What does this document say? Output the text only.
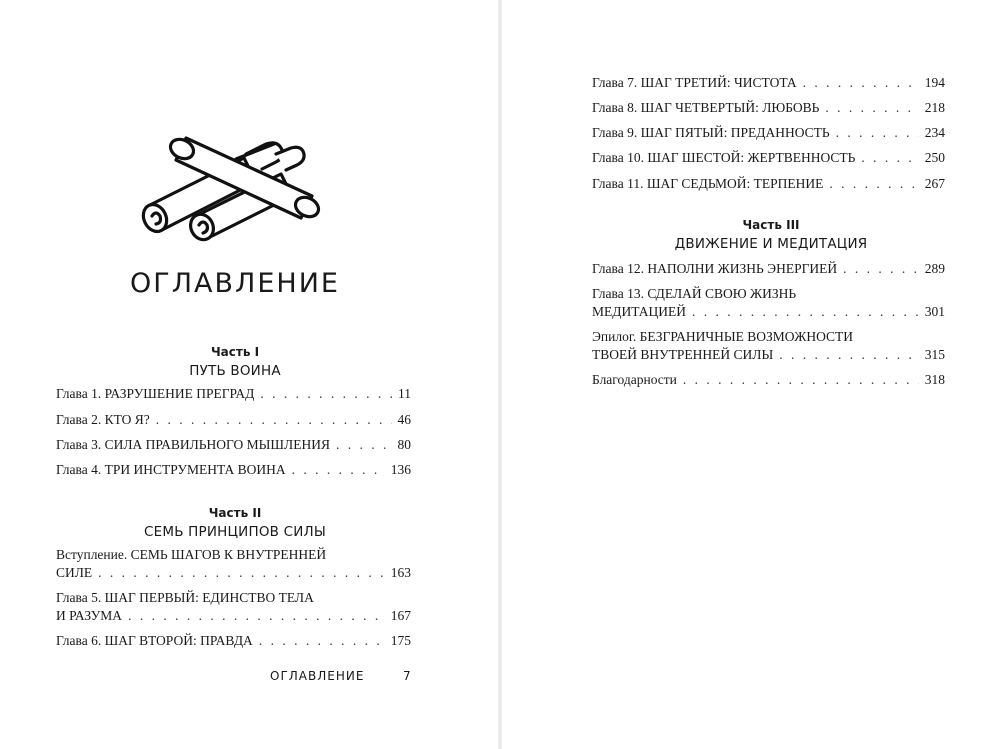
ОГЛАВЛЕНИЕ
Часть I
ПУТЬ ВОИНА
Глава 1. РАЗРУШЕНИЕ ПРЕГРАД . . .	11
Глава 2. КТО Я? . . .	46
Глава 3. СИЛА ПРАВИЛЬНОГО МЫШЛЕНИЯ . . .	80
Глава 4. ТРИ ИНСТРУМЕНТА ВОИНА . . .	136
Часть II
СЕМЬ ПРИНЦИПОВ СИЛЫ
Вступление. СЕМЬ ШАГОВ К ВНУТРЕННЕЙ
СИЛЕ . . .	163
Глава 5. ШАГ ПЕРВЫЙ: ЕДИНСТВО ТЕЛА
И РАЗУМА . . .	167
Глава 6. ШАГ ВТОРОЙ: ПРАВДА . . .	175
ОГЛАВЛЕНИЕ	7
Глава 7. ШАГ ТРЕТИЙ: ЧИСТОТА . . .	194
Глава 8. ШАГ ЧЕТВЕРТЫЙ: ЛЮБОВЬ . . .	218
Глава 9. ШАГ ПЯТЫЙ: ПРЕДАННОСТЬ . . .	234
Глава 10. ШАГ ШЕСТОЙ: ЖЕРТВЕННОСТЬ . . .	250
Глава 11. ШАГ СЕДЬМОЙ: ТЕРПЕНИЕ . . .	267
Часть III
ДВИЖЕНИЕ И МЕДИТАЦИЯ
Глава 12. НАПОЛНИ ЖИЗНЬ ЭНЕРГИЕЙ . . .	289
Глава 13. СДЕЛАЙ СВОЮ ЖИЗНЬ
МЕДИТАЦИЕЙ . . .	301
Эпилог. БЕЗГРАНИЧНЫЕ ВОЗМОЖНОСТИ
ТВОЕЙ ВНУТРЕННЕЙ СИЛЫ . . .	315
Благодарности . . .	318
